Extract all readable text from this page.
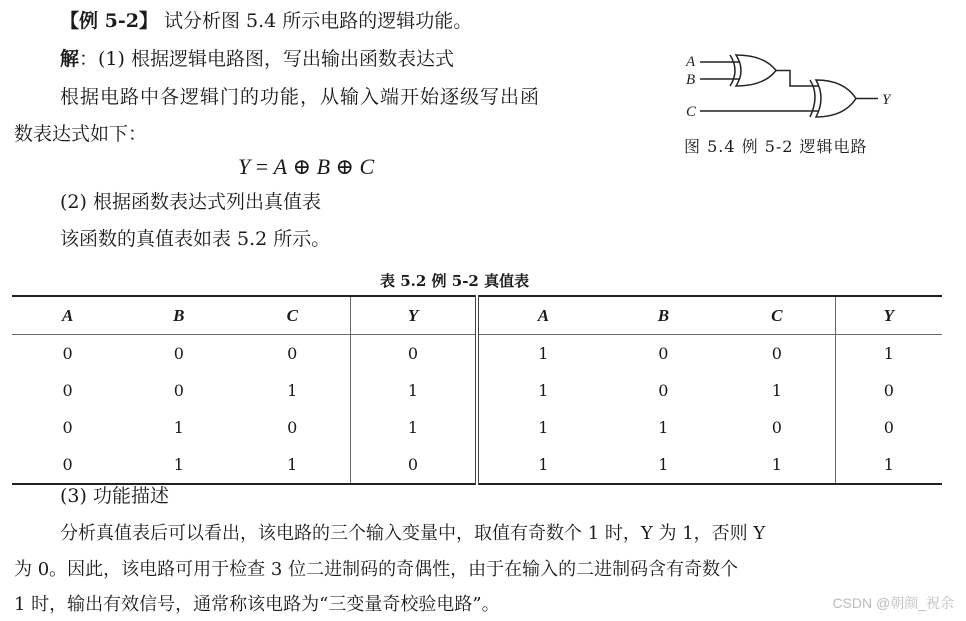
【例 5-2】 试分析图 5.4 所示电路的逻辑功能。
解：(1) 根据逻辑电路图，写出输出函数表达式
根据电路中各逻辑门的功能，从输入端开始逐级写出函
数表达式如下：
Y = A ⊕ B ⊕ C
(2) 根据函数表达式列出真值表
该函数的真值表如表 5.2 所示。
A
B
C
Y
图 5.4 例 5-2 逻辑电路
表 5.2 例 5-2 真值表
A	B	C	Y	A	B	C	Y
0	0	0	0	1	0	0	1
0	0	1	1	1	0	1	0
0	1	0	1	1	1	0	0
0	1	1	0	1	1	1	1
(3) 功能描述
分析真值表后可以看出，该电路的三个输入变量中，取值有奇数个 1 时，Y 为 1，否则 Y
为 0。因此，该电路可用于检查 3 位二进制码的奇偶性，由于在输入的二进制码含有奇数个
1 时，输出有效信号，通常称该电路为“三变量奇校验电路”。	CSDN @朝颜_祝余
